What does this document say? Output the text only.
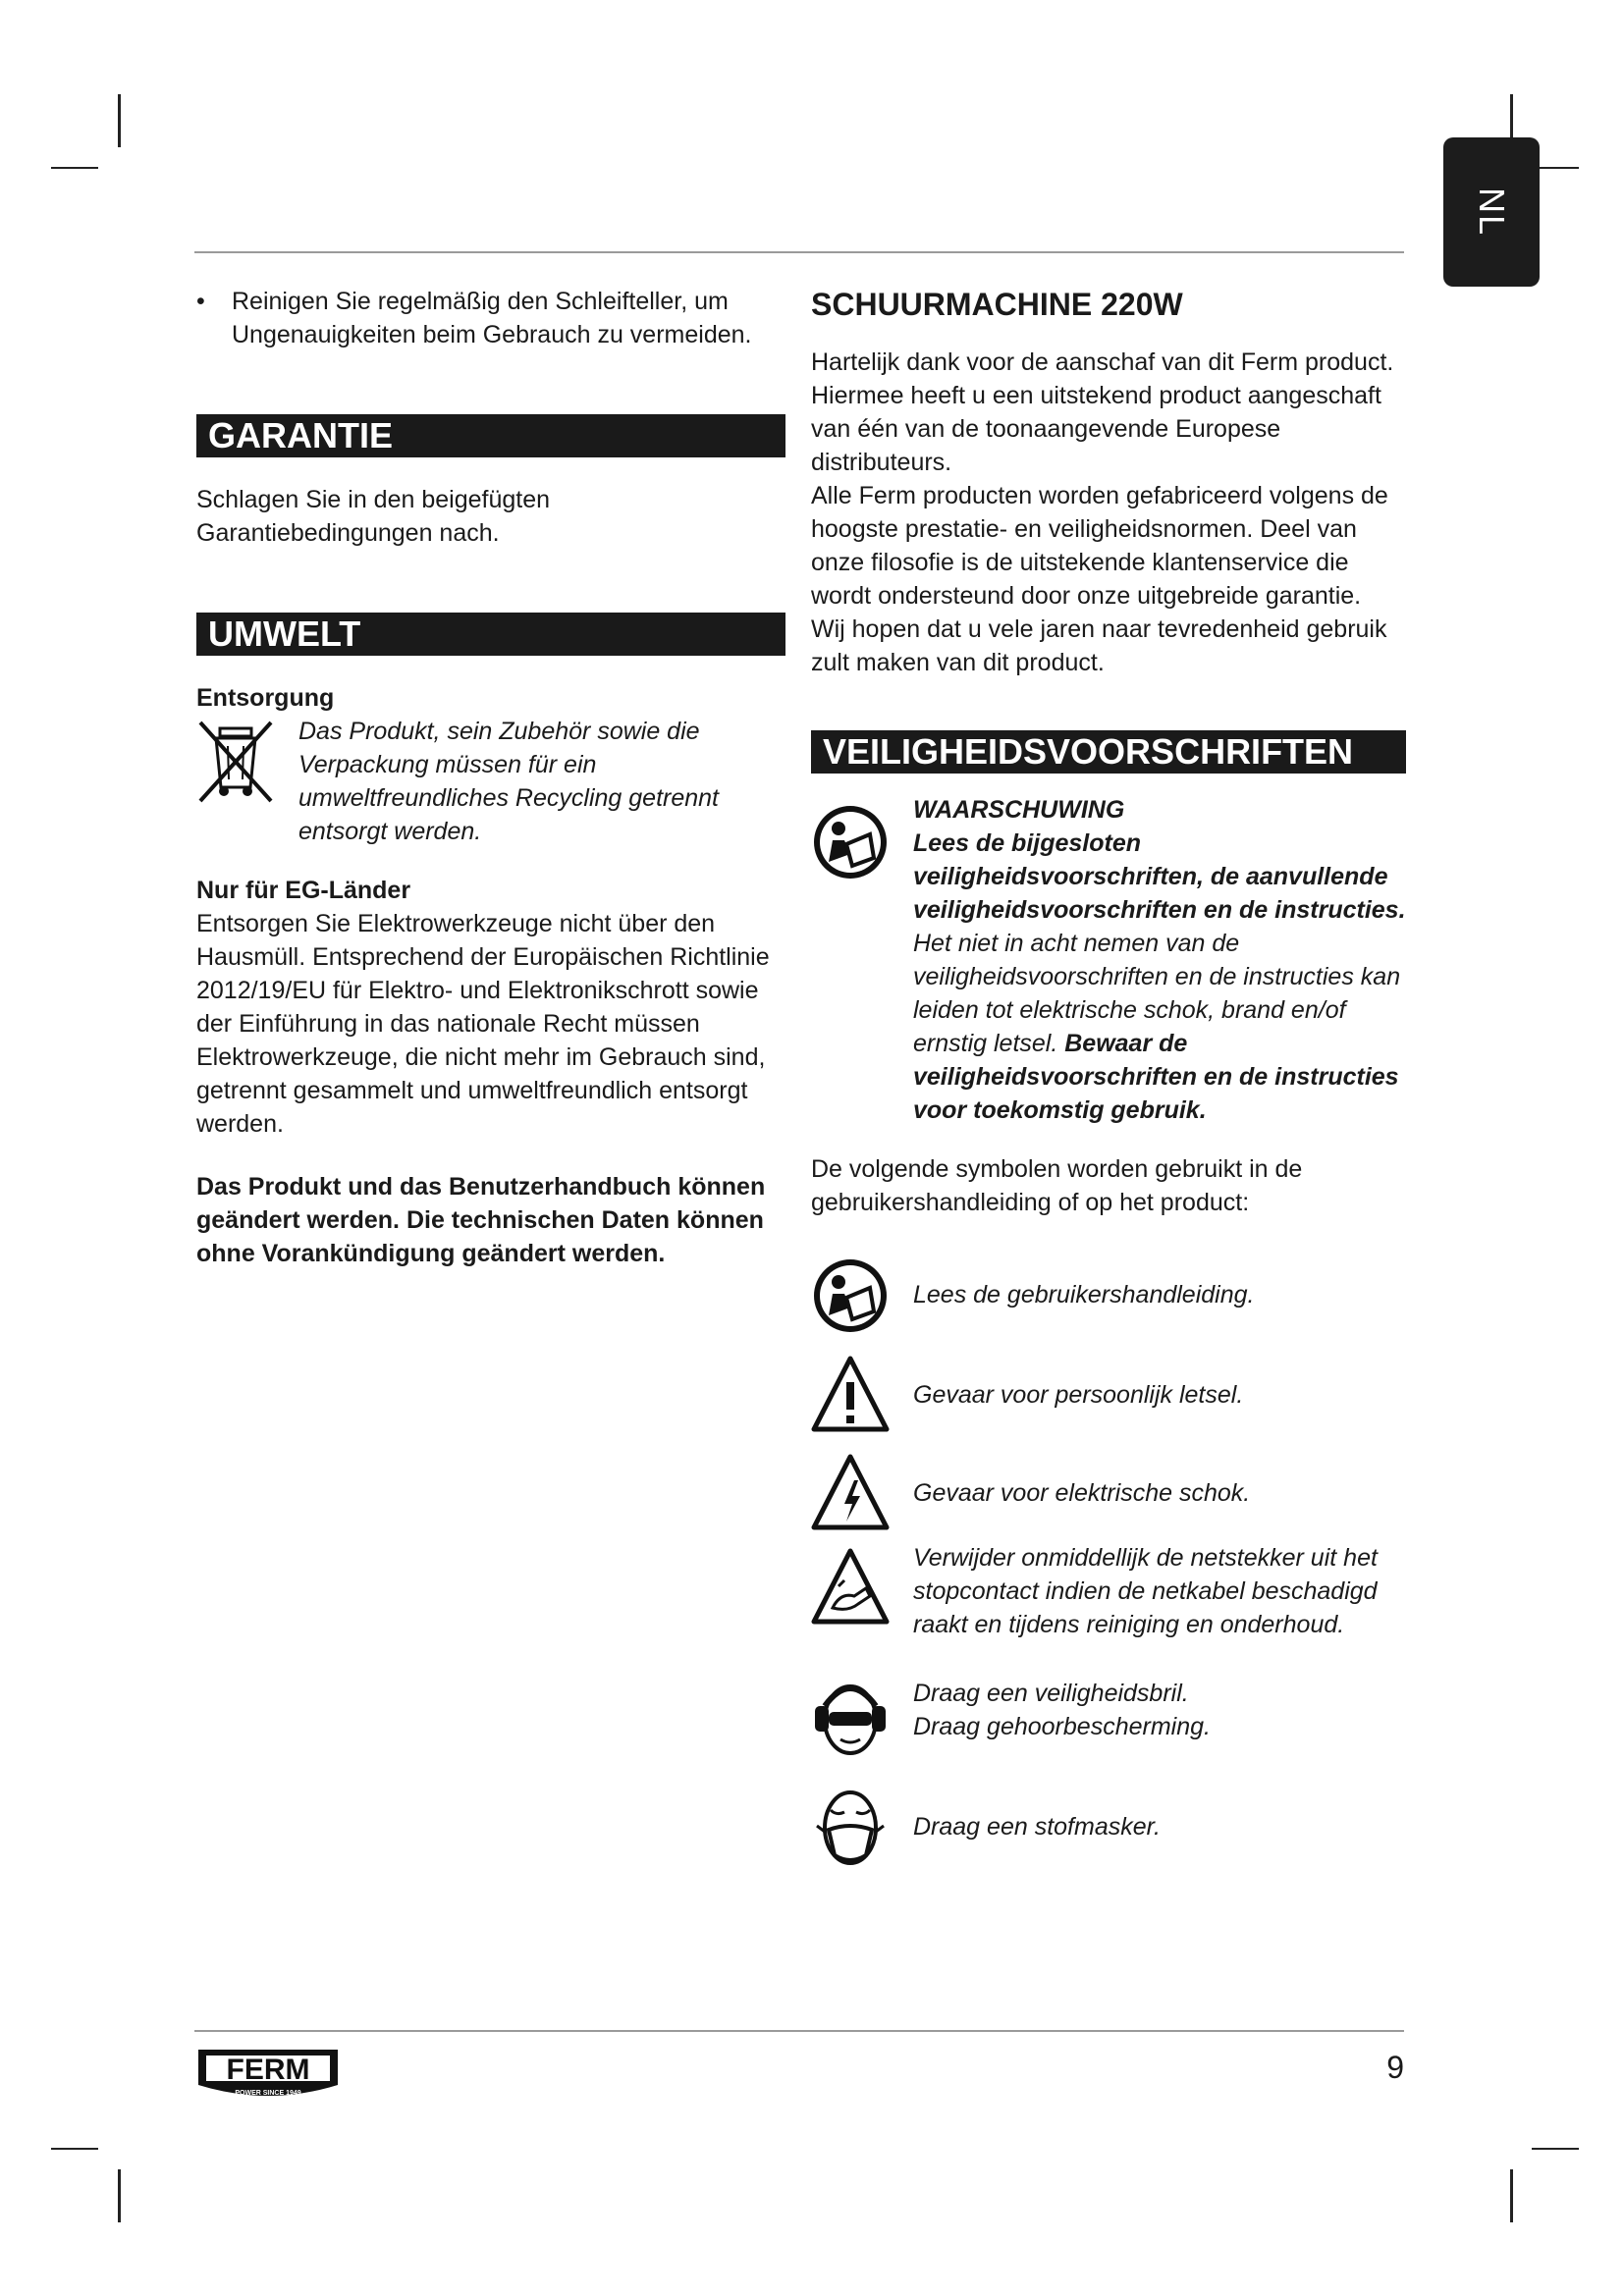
NL
• Reinigen Sie regelmäßig den Schleifteller, um Ungenauigkeiten beim Gebrauch zu vermeiden.
GARANTIE

Schlagen Sie in den beigefügten Garantiebedingungen nach.

UMWELT
Entsorgung
Das Produkt, sein Zubehör sowie die Verpackung müssen für ein umweltfreundliches Recycling getrennt entsorgt werden.
Nur für EG-Länder

Entsorgen Sie Elektrowerkzeuge nicht über den Hausmüll. Entsprechend der Europäischen Richtlinie 2012/19/EU für Elektro- und Elektronikschrott sowie der Einführung in das nationale Recht müssen Elektrowerkzeuge, die nicht mehr im Gebrauch sind, getrennt gesammelt und umweltfreundlich entsorgt werden.

Das Produkt und das Benutzerhandbuch können geändert werden. Die technischen Daten können ohne Vorankündigung geändert werden.

SCHUURMACHINE 220W

Hartelijk dank voor de aanschaf van dit Ferm product. Hiermee heeft u een uitstekend product aangeschaft van één van de toonaangevende Europese distributeurs.

Alle Ferm producten worden gefabriceerd volgens de hoogste prestatie- en veiligheidsnormen. Deel van onze filosofie is de uitstekende klantenservice die wordt ondersteund door onze uitgebreide garantie.

Wij hopen dat u vele jaren naar tevredenheid gebruik zult maken van dit product.

VEILIGHEIDSVOORSCHRIFTEN
WAARSCHUWING
Lees de bijgesloten veiligheidsvoorschriften, de aanvullende veiligheidsvoorschriften en de instructies. Het niet in acht nemen van de veiligheidsvoorschriften en de instructies kan leiden tot elektrische schok, brand en/of ernstig letsel. Bewaar de veiligheidsvoorschriften en de instructies voor toekomstig gebruik.

De volgende symbolen worden gebruikt in de gebruikershandleiding of op het product:

Lees de gebruikershandleiding.
Gevaar voor persoonlijk letsel.
Gevaar voor elektrische schok.
Verwijder onmiddellijk de netstekker uit het stopcontact indien de netkabel beschadigd raakt en tijdens reiniging en onderhoud.
Draag een veiligheidsbril.
Draag gehoorbescherming.
Draag een stofmasker.
FERM
POWER SINCE 1949
9
